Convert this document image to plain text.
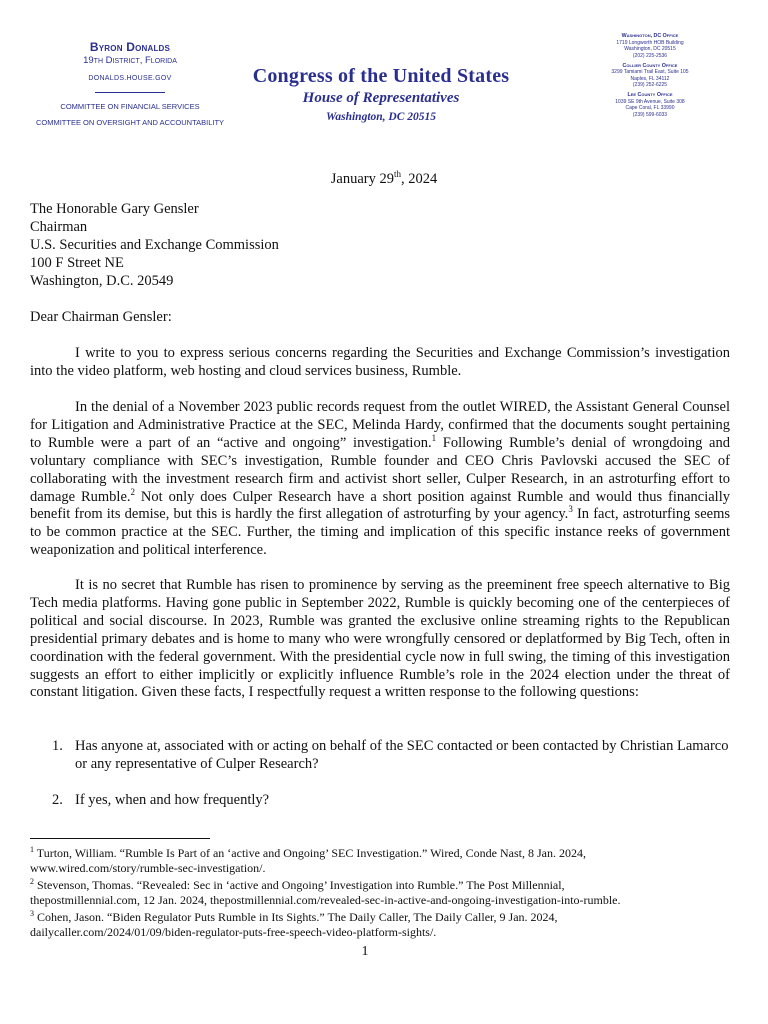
Byron Donalds
19th District, Florida
DONALDS.HOUSE.GOV
COMMITTEE ON FINANCIAL SERVICES
COMMITTEE ON OVERSIGHT AND ACCOUNTABILITY
Congress of the United States
House of Representatives
Washington, DC 20515
Washington, DC Office
1719 Longworth HOB Building
Washington, DC 20515
(202) 225-2536
Collier County Office
3299 Tamiami Trail East, Suite 105
Naples, FL 34112
(239) 252-6225
Lee County Office
1039 SE 9th Avenue, Suite 308
Cape Coral, FL 33990
(239) 599-6033
January 29th, 2024
The Honorable Gary Gensler
Chairman
U.S. Securities and Exchange Commission
100 F Street NE
Washington, D.C. 20549
Dear Chairman Gensler:
I write to you to express serious concerns regarding the Securities and Exchange Commission’s investigation into the video platform, web hosting and cloud services business, Rumble.
In the denial of a November 2023 public records request from the outlet WIRED, the Assistant General Counsel for Litigation and Administrative Practice at the SEC, Melinda Hardy, confirmed that the documents sought pertaining to Rumble were a part of an “active and ongoing” investigation.$^1$ Following Rumble’s denial of wrongdoing and voluntary compliance with SEC’s investigation, Rumble founder and CEO Chris Pavlovski accused the SEC of collaborating with the investment research firm and activist short seller, Culper Research, in an astroturfing effort to damage Rumble.$^2$ Not only does Culper Research have a short position against Rumble and would thus financially benefit from its demise, but this is hardly the first allegation of astroturfing by your agency.$^3$ In fact, astroturfing seems to be common practice at the SEC. Further, the timing and implication of this specific instance reeks of government weaponization and political interference.
It is no secret that Rumble has risen to prominence by serving as the preeminent free speech alternative to Big Tech media platforms. Having gone public in September 2022, Rumble is quickly becoming one of the centerpieces of political and social discourse. In 2023, Rumble was granted the exclusive online streaming rights to the Republican presidential primary debates and is home to many who were wrongfully censored or deplatformed by Big Tech, often in coordination with the federal government. With the presidential cycle now in full swing, the timing of this investigation suggests an effort to either implicitly or explicitly influence Rumble’s role in the 2024 election under the threat of constant litigation. Given these facts, I respectfully request a written response to the following questions:
1. Has anyone at, associated with or acting on behalf of the SEC contacted or been contacted by Christian Lamarco or any representative of Culper Research?
2. If yes, when and how frequently?
$^1$ Turton, William. “Rumble Is Part of an ‘active and Ongoing’ SEC Investigation.” Wired, Conde Nast, 8 Jan. 2024,
www.wired.com/story/rumble-sec-investigation/.
$^2$ Stevenson, Thomas. “Revealed: Sec in ‘active and Ongoing’ Investigation into Rumble.” The Post Millennial,
thepostmillennial.com, 12 Jan. 2024, thepostmillennial.com/revealed-sec-in-active-and-ongoing-investigation-into-rumble.
$^3$ Cohen, Jason. “Biden Regulator Puts Rumble in Its Sights.” The Daily Caller, The Daily Caller, 9 Jan. 2024,
dailycaller.com/2024/01/09/biden-regulator-puts-free-speech-video-platform-sights/.
1
